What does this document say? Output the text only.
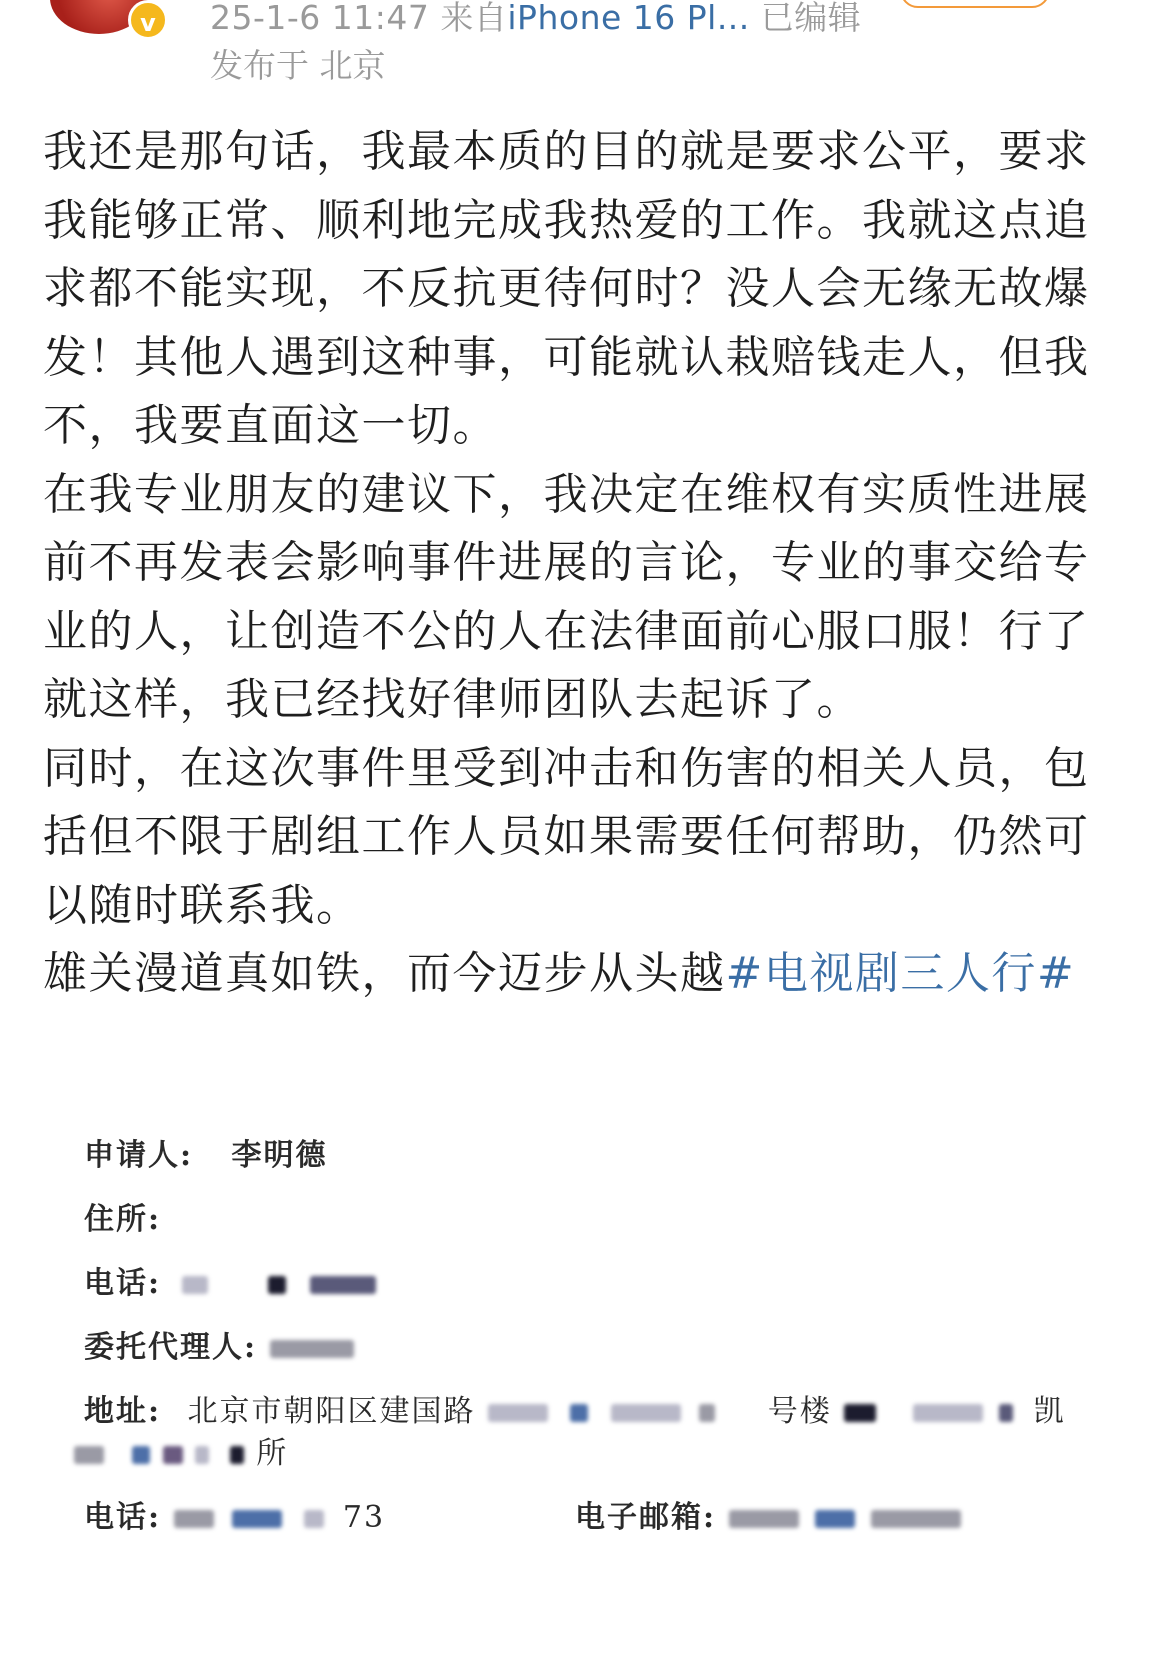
v	25-1-6 11:47 来自iPhone 16 Pl... 已编辑
发布于 北京

我还是那句话，我最本质的目的就是要求公平，要求我能够正常、顺利地完成我热爱的工作。我就这点追求都不能实现，不反抗更待何时？没人会无缘无故爆发！其他人遇到这种事，可能就认栽赔钱走人，但我不，我要直面这一切。

在我专业朋友的建议下，我决定在维权有实质性进展前不再发表会影响事件进展的言论，专业的事交给专业的人，让创造不公的人在法律面前心服口服！行了就这样，我已经找好律师团队去起诉了。

同时，在这次事件里受到冲击和伤害的相关人员，包括但不限于剧组工作人员如果需要任何帮助，仍然可以随时联系我。

雄关漫道真如铁，而今迈步从头越#电视剧三人行#

申请人: 李明德
住所:
电话:
委托代理人:
地址: 北京市朝阳区建国路	号楼	凯
所
电话:	73	电子邮箱:
